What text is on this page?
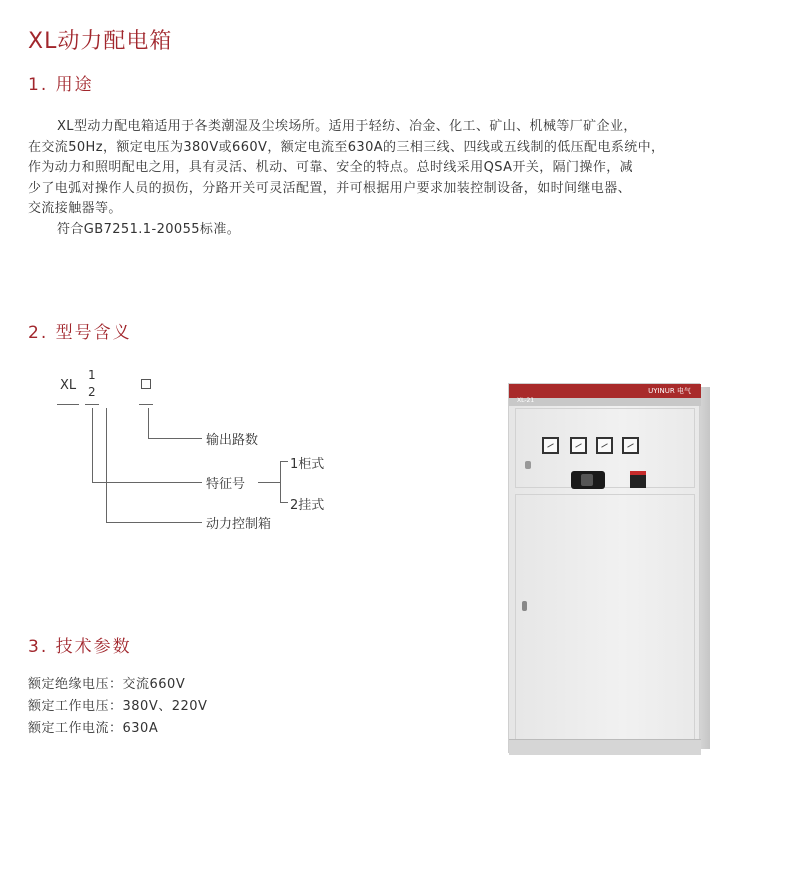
XL动力配电箱
1. 用途

XL型动力配电箱适用于各类潮湿及尘埃场所。适用于轻纺、冶金、化工、矿山、机械等厂矿企业，

在交流50Hz，额定电压为380V或660V，额定电流至630A的三相三线、四线或五线制的低压配电系统中，

作为动力和照明配电之用，具有灵活、机动、可靠、安全的特点。总时线采用QSA开关，隔门操作，减

少了电弧对操作人员的损伤，分路开关可灵活配置，并可根据用户要求加装控制设备，如时间继电器、

交流接触器等。

符合GB7251.1-20055标准。

2. 型号含义
XL
1
2
输出路数
特征号
动力控制箱
1柜式
2挂式
3. 技术参数
额定绝缘电压：交流660V
额定工作电压：380V、220V
额定工作电流：630A
UYINUR 电气
XL-21
